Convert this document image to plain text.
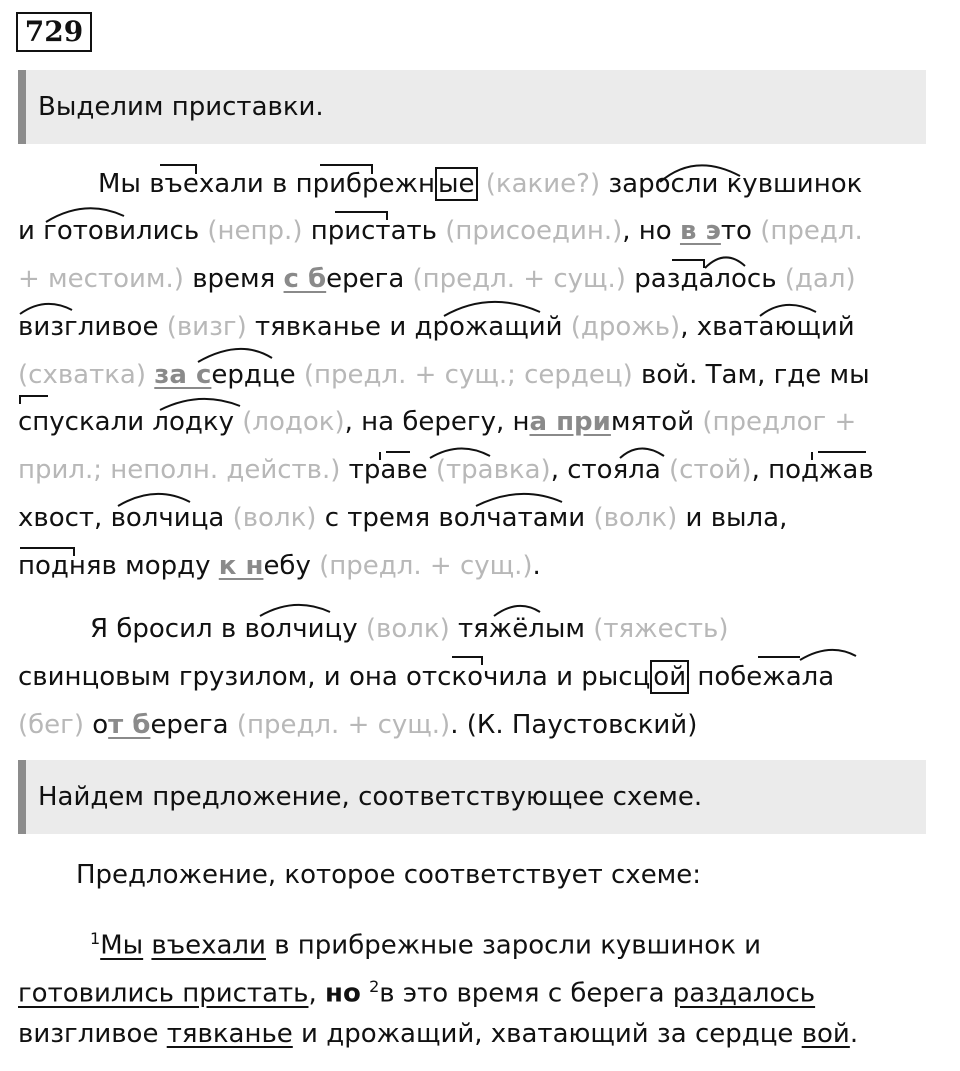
729
Выделим приставки.
Мы въехали в прибрежн ые (какие?) заросли кувшинок
и готовились (непр.) пристать (присоедин.), но в это (предл.
+ местоим.) время с берега (предл. + сущ.) раздалось (дал)
визгливое (визг) тявканье и дрожащий (дрожь), хватающий
(схватка) за сердце (предл. + сущ.; сердец) вой. Там, где мы
спускали лодку (лодок), на берегу, на примятой (предлог +
прил.; неполн. действ.) траве (травка), стояла (стой), поджав
хвост, волчица (волк) с тремя волчатами (волк) и выла,
подняв морду к небу (предл. + сущ.).
Я бросил в волчицу (волк) тяжёлым (тяжесть)
свинцовым грузилом, и она отскочила и рысц ой побежала
(бег) от берега (предл. + сущ.). (К. Паустовский)
Найдем предложение, соответствующее схеме.
Предложение, которое соответствует схеме:
$^1$Мы въехали в прибрежные заросли кувшинок и
готовились пристать, но $^2$в это время с берега раздалось
визгливое тявканье и дрожащий, хватающий за сердце вой.
